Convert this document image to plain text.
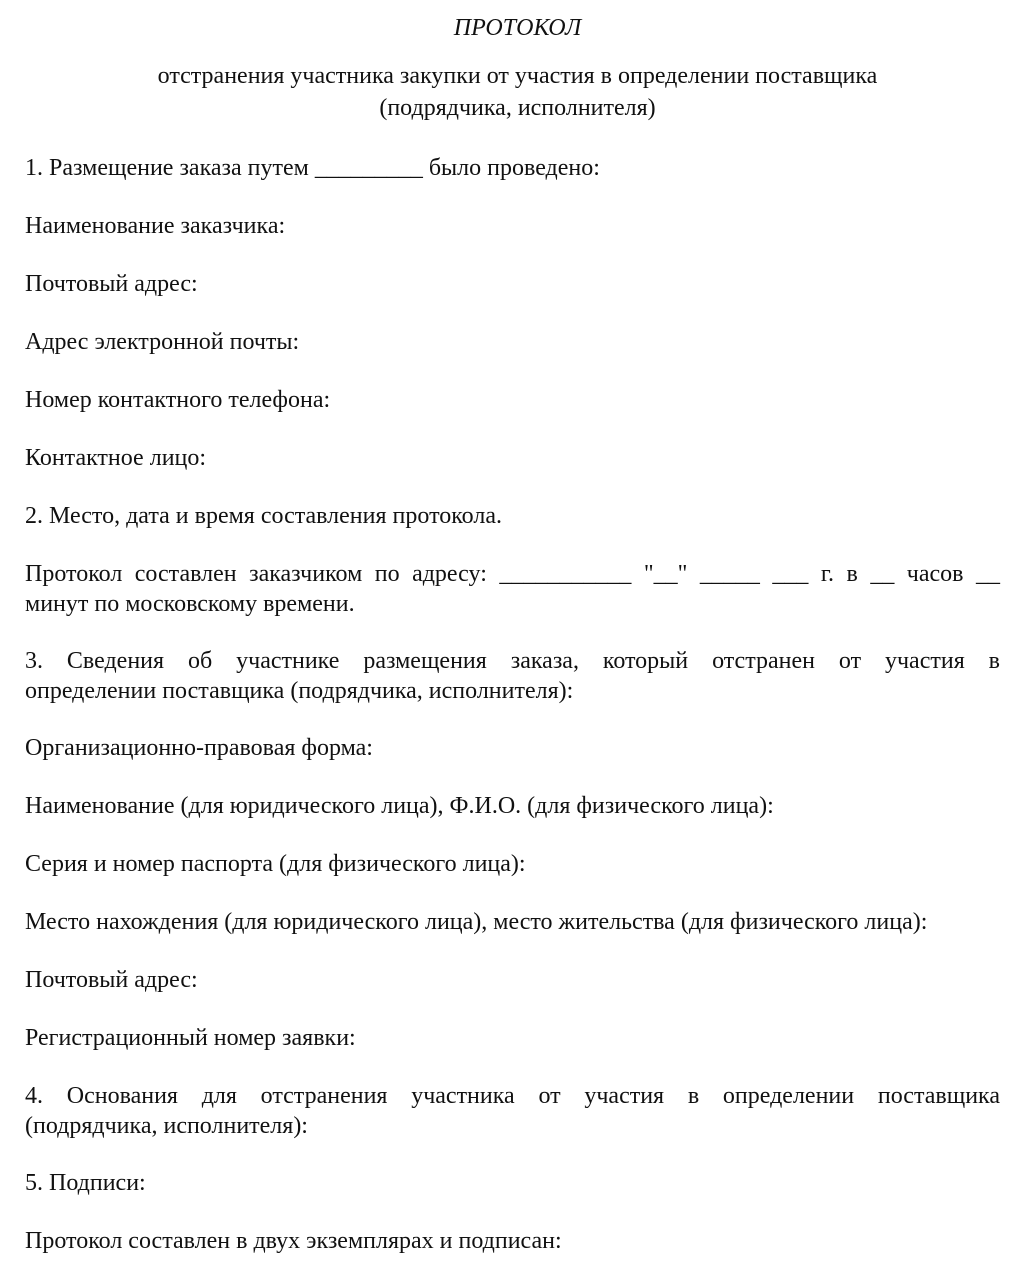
ПРОТОКОЛ
отстранения участника закупки от участия в определении поставщика
(подрядчика, исполнителя)

1. Размещение заказа путем _________ было проведено:

Наименование заказчика:

Почтовый адрес:

Адрес электронной почты:

Номер контактного телефона:

Контактное лицо:

2. Место, дата и время составления протокола.

Протокол составлен заказчиком по адресу: ___________ "__" _____ ___ г. в __ часов __
минут по московскому времени.
3. Сведения об участнике размещения заказа, который отстранен от участия в
определении поставщика (подрядчика, исполнителя):

Организационно-правовая форма:

Наименование (для юридического лица), Ф.И.О. (для физического лица):

Серия и номер паспорта (для физического лица):

Место нахождения (для юридического лица), место жительства (для физического лица):

Почтовый адрес:

Регистрационный номер заявки:

4. Основания для отстранения участника от участия в определении поставщика
(подрядчика, исполнителя):

5. Подписи:

Протокол составлен в двух экземплярах и подписан:
